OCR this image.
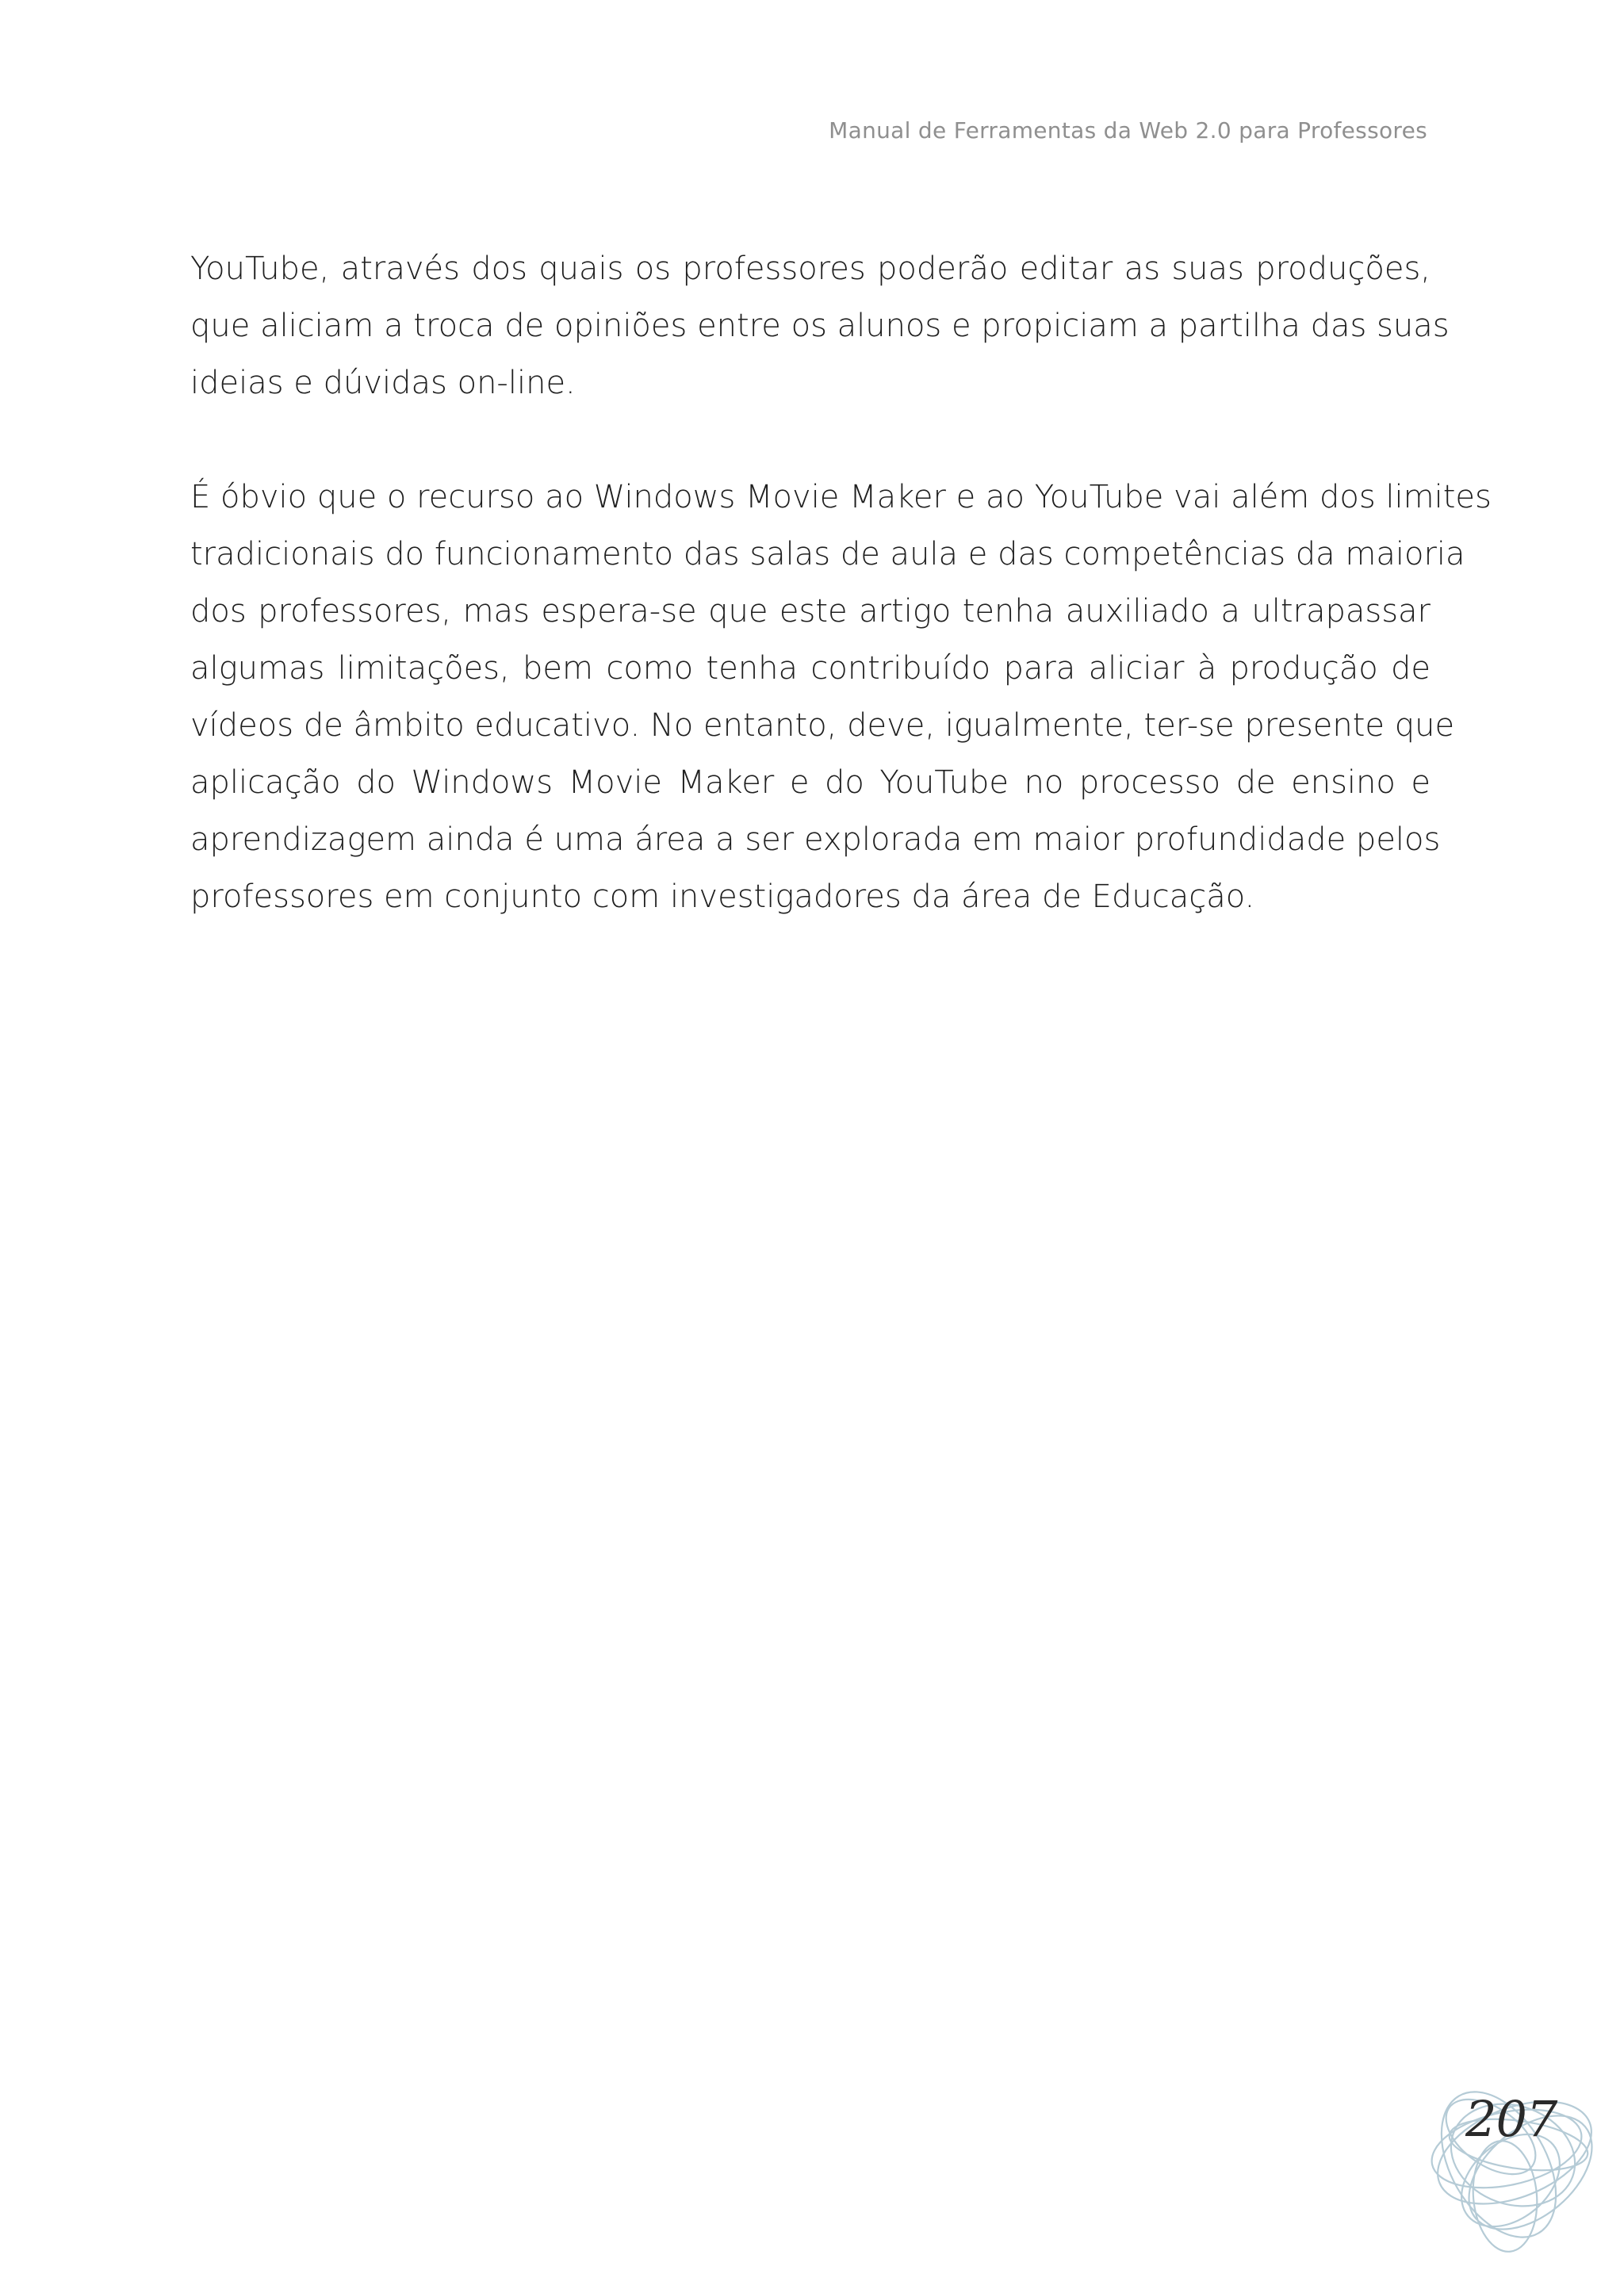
Manual de Ferramentas da Web 2.0 para Professores

YouTube, através dos quais os professores poderão editar as suas produções,
que aliciam a troca de opiniões entre os alunos e propiciam a partilha das suas
ideias e dúvidas on-line.

É óbvio que o recurso ao Windows Movie Maker e ao YouTube vai além dos limites
tradicionais do funcionamento das salas de aula e das competências da maioria
dos professores, mas espera-se que este artigo tenha auxiliado a ultrapassar
algumas limitações, bem como tenha contribuído para aliciar à produção de
vídeos de âmbito educativo. No entanto, deve, igualmente, ter-se presente que
aplicação do Windows Movie Maker e do YouTube no processo de ensino e
aprendizagem ainda é uma área a ser explorada em maior profundidade pelos
professores em conjunto com investigadores da área de Educação.

207
